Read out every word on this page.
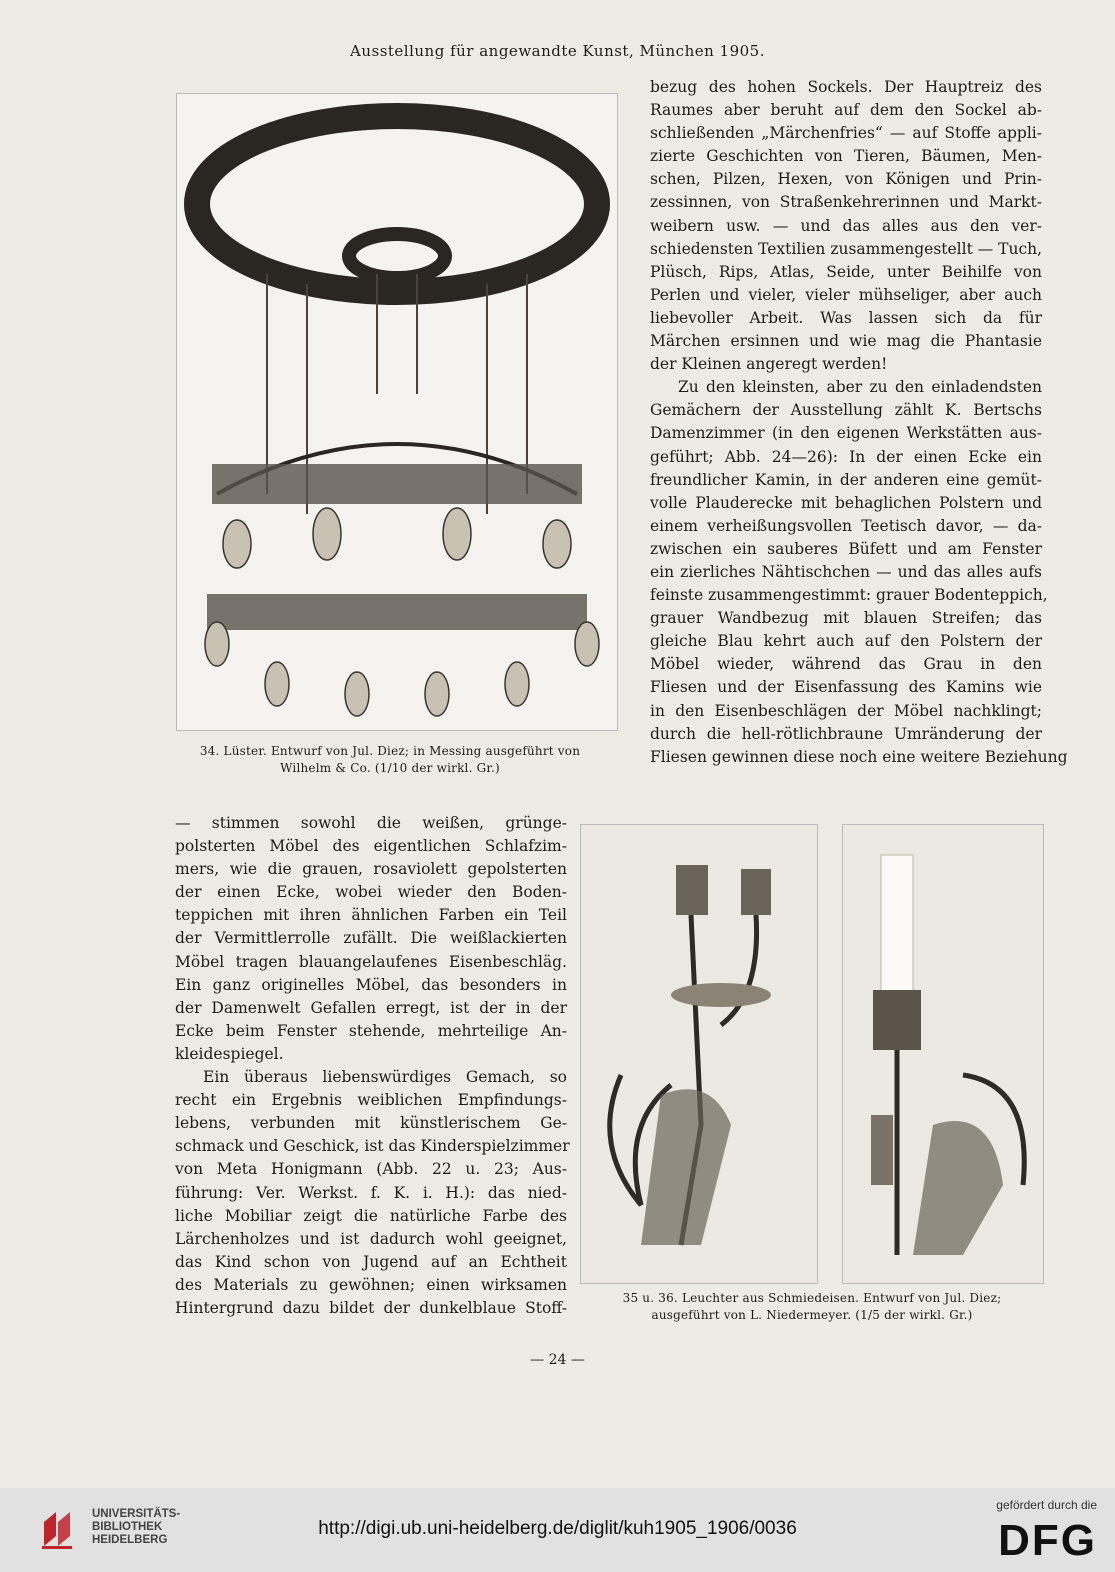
Ausstellung für angewandte Kunst, München 1905.
34. Lüster. Entwurf von Jul. Diez; in Messing ausgeführt von
Wilhelm & Co. (1/10 der wirkl. Gr.)
bezug des hohen Sockels. Der Hauptreiz des
Raumes aber beruht auf dem den Sockel ab-
schließenden „Märchenfries“ — auf Stoffe appli-
zierte Geschichten von Tieren, Bäumen, Men-
schen, Pilzen, Hexen, von Königen und Prin-
zessinnen, von Straßenkehrerinnen und Markt-
weibern usw. — und das alles aus den ver-
schiedensten Textilien zusammengestellt — Tuch,
Plüsch, Rips, Atlas, Seide, unter Beihilfe von
Perlen und vieler, vieler mühseliger, aber auch
liebevoller Arbeit. Was lassen sich da für
Märchen ersinnen und wie mag die Phantasie
der Kleinen angeregt werden!
Zu den kleinsten, aber zu den einladendsten
Gemächern der Ausstellung zählt K. Bertschs
Damenzimmer (in den eigenen Werkstätten aus-
geführt; Abb. 24—26): In der einen Ecke ein
freundlicher Kamin, in der anderen eine gemüt-
volle Plauderecke mit behaglichen Polstern und
einem verheißungsvollen Teetisch davor, — da-
zwischen ein sauberes Büfett und am Fenster
ein zierliches Nähtischchen — und das alles aufs
feinste zusammengestimmt: grauer Bodenteppich,
grauer Wandbezug mit blauen Streifen; das
gleiche Blau kehrt auch auf den Polstern der
Möbel wieder, während das Grau in den
Fliesen und der Eisenfassung des Kamins wie
in den Eisenbeschlägen der Möbel nachklingt;
durch die hell-rötlichbraune Umränderung der
Fliesen gewinnen diese noch eine weitere Beziehung
— stimmen sowohl die weißen, grünge-
polsterten Möbel des eigentlichen Schlafzim-
mers, wie die grauen, rosaviolett gepolsterten
der einen Ecke, wobei wieder den Boden-
teppichen mit ihren ähnlichen Farben ein Teil
der Vermittlerrolle zufällt. Die weißlackierten
Möbel tragen blauangelaufenes Eisenbeschläg.
Ein ganz originelles Möbel, das besonders in
der Damenwelt Gefallen erregt, ist der in der
Ecke beim Fenster stehende, mehrteilige An-
kleidespiegel.
Ein überaus liebenswürdiges Gemach, so
recht ein Ergebnis weiblichen Empfindungs-
lebens, verbunden mit künstlerischem Ge-
schmack und Geschick, ist das Kinderspielzimmer
von Meta Honigmann (Abb. 22 u. 23; Aus-
führung: Ver. Werkst. f. K. i. H.): das nied-
liche Mobiliar zeigt die natürliche Farbe des
Lärchenholzes und ist dadurch wohl geeignet,
das Kind schon von Jugend auf an Echtheit
des Materials zu gewöhnen; einen wirksamen
Hintergrund dazu bildet der dunkelblaue Stoff-
35 u. 36. Leuchter aus Schmiedeisen. Entwurf von Jul. Diez;
ausgeführt von L. Niedermeyer. (1/5 der wirkl. Gr.)
— 24 —
UNIVERSITÄTS-
BIBLIOTHEK
HEIDELBERG
http://digi.ub.uni-heidelberg.de/diglit/kuh1905_1906/0036
gefördert durch die
DFG
